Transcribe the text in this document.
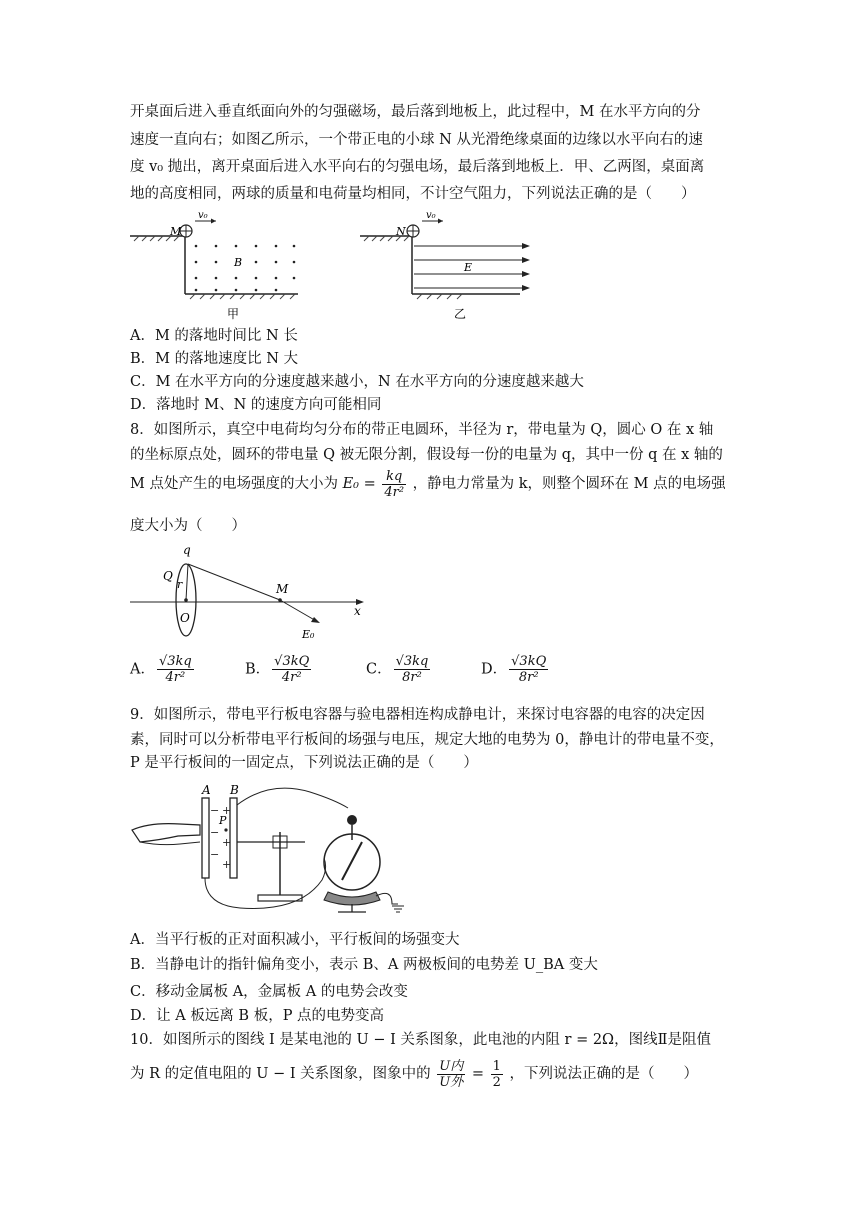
开桌面后进入垂直纸面向外的匀强磁场，最后落到地板上，此过程中，M 在水平方向的分
速度一直向右；如图乙所示，一个带正电的小球 N 从光滑绝缘桌面的边缘以水平向右的速
度 v₀ 抛出，离开桌面后进入水平向右的匀强电场，最后落到地板上．甲、乙两图，桌面离
地的高度相同，两球的质量和电荷量均相同，不计空气阻力，下列说法正确的是（　　）
M
v₀
B
甲
N
v₀
E
乙
A．M 的落地时间比 N 长
B．M 的落地速度比 N 大
C．M 在水平方向的分速度越来越小，N 在水平方向的分速度越来越大
D．落地时 M、N 的速度方向可能相同
8．如图所示，真空中电荷均匀分布的带正电圆环，半径为 r，带电量为 Q，圆心 O 在 x 轴
的坐标原点处，圆环的带电量 Q 被无限分割，假设每一份的电量为 q，其中一份 q 在 x 轴的
M 点处产生的电场强度的大小为 $E_0 = \frac{kq}{\text{4r²}}$ ，静电力常量为 k，则整个圆环在 M 点的电场强
度大小为（　　）
q
Q
r
O
M
x
E₀
A． $\frac{√3kq}{\text{4r²}}$	B． $\frac{√3kQ}{\text{4r²}}$	C． $\frac{√3kq}{\text{8r²}}$	D． $\frac{√3kQ}{\text{8r²}}$
9．如图所示，带电平行板电容器与验电器相连构成静电计，来探讨电容器的电容的决定因
素，同时可以分析带电平行板间的场强与电压，规定大地的电势为 0，静电计的带电量不变，
P 是平行板间的一固定点，下列说法正确的是（　　）
A B
P
−
−
−
+
+
+
A．当平行板的正对面积减小，平行板间的场强变大
B．当静电计的指针偏角变小，表示 B、A 两极板间的电势差 U_BA 变大
C．移动金属板 A，金属板 A 的电势会改变
D．让 A 板远离 B 板，P 点的电势变高
10．如图所示的图线 Ⅰ 是某电池的 U − I 关系图象，此电池的内阻 r = 2Ω，图线Ⅱ是阻值
为 R 的定值电阻的 U − I 关系图象，图象中的 $\frac{\text{U内}}{\text{U外}} = \frac{1}{2}$ ，下列说法正确的是（　　）
